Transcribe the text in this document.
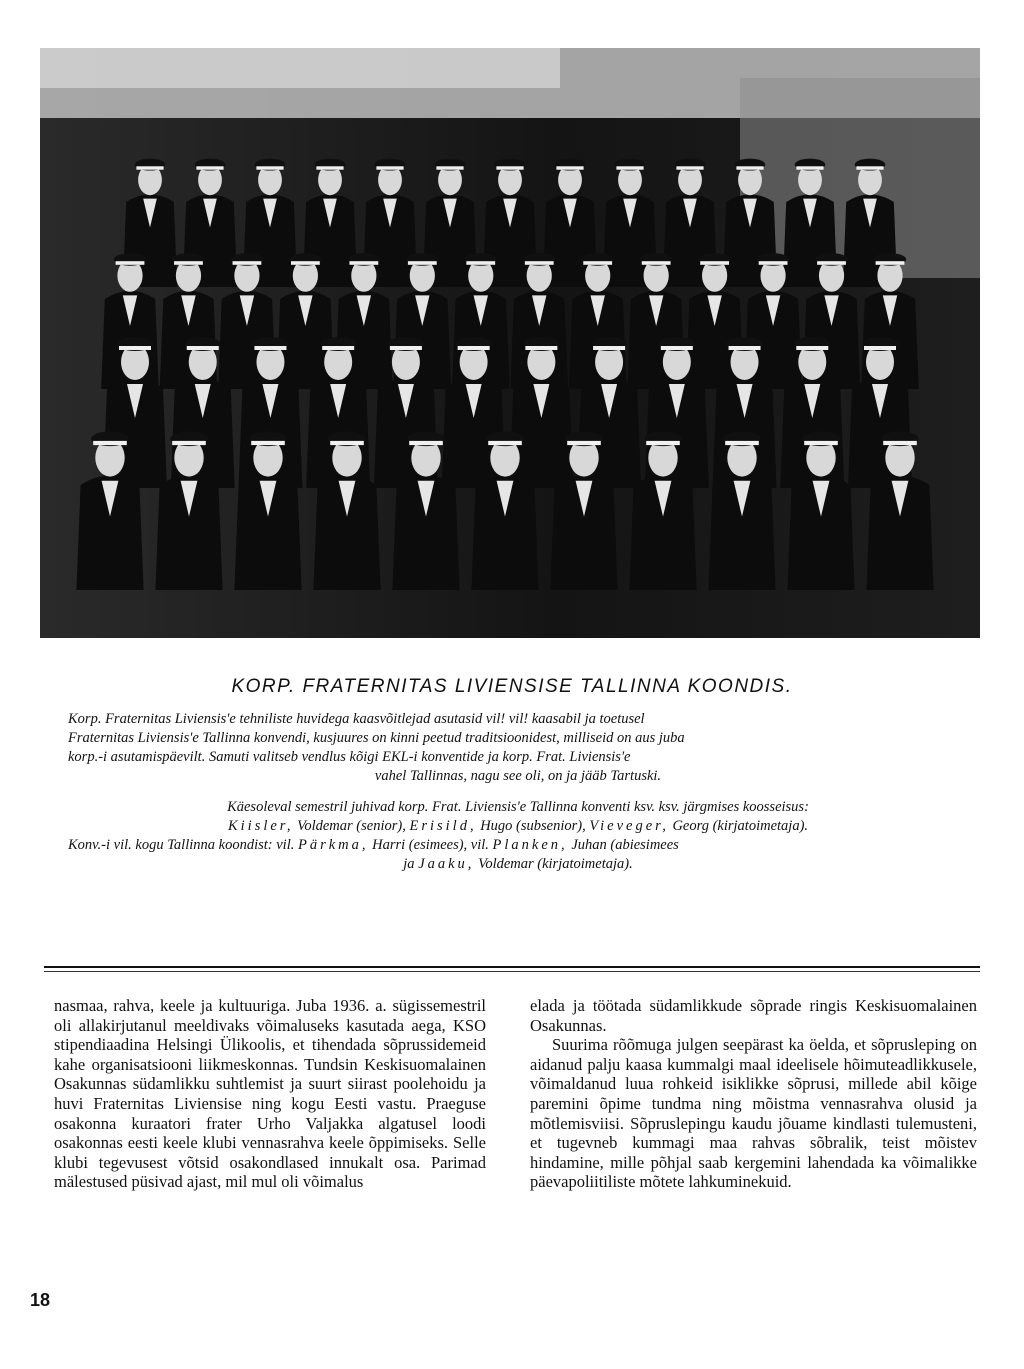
KORP. FRATERNITAS LIVIENSISE TALLINNA KOONDIS.

Korp. Fraternitas Liviensis'e tehniliste huvidega kaasvõitlejad asutasid vil! vil! kaasabil ja toetusel

Fraternitas Liviensis'e Tallinna konvendi, kusjuures on kinni peetud traditsioonidest, milliseid on aus juba

korp.-i asutamispäevilt. Samuti valitseb vendlus kõigi EKL-i konventide ja korp. Frat. Liviensis'e

vahel Tallinnas, nagu see oli, on ja jääb Tartuski.

Käesoleval semestril juhivad korp. Frat. Liviensis'e Tallinna konventi ksv. ksv. järgmises koosseisus:

Kiisler, Voldemar (senior), Erisild, Hugo (subsenior), Vievеger, Georg (kirjatoimetaja).

Konv.-i vil. kogu Tallinna koondist: vil. Pärkma, Harri (esimees), vil. Planken, Juhan (abiesimees

ja Jaaku, Voldemar (kirjatoimetaja).

nasmaa, rahva, keele ja kultuuriga. Juba 1936. a. sügissemestril oli allakirjutanul meeldivaks võimaluseks kasutada aega, KSO stipendiaadina Helsingi Ülikoolis, et tihendada sõprussidemeid kahe organisatsiooni liikmeskonnas. Tundsin Keskisuomalainen Osakunnas südamlikku suhtlemist ja suurt siirast poolehoidu ja huvi Fraternitas Liviensise ning kogu Eesti vastu. Praeguse osakonna kuraatori frater Urho Valjakka algatusel loodi osakonnas eesti keele klubi vennasrahva keele õppimiseks. Selle klubi tegevusest võtsid osakondlased innukalt osa. Parimad mälestused püsivad ajast, mil mul oli võimalus

elada ja töötada südamlikkude sõprade ringis Keskisuomalainen Osakunnas.

Suurima rõõmuga julgen seepärast ka öelda, et sõprusleping on aidanud palju kaasa kummalgi maal ideelisele hõimuteadlikkusele, võimaldanud luua rohkeid isiklikke sõprusi, millede abil kõige paremini õpime tundma ning mõistma vennasrahva olusid ja mõtlemisviisi. Sõpruslepingu kaudu jõuame kindlasti tulemusteni, et tugevneb kummagi maa rahvas sõbralik, teist mõistev hindamine, mille põhjal saab kergemini lahendada ka võimalikke päevapoliitiliste mõtete lahkuminekuid.

18
